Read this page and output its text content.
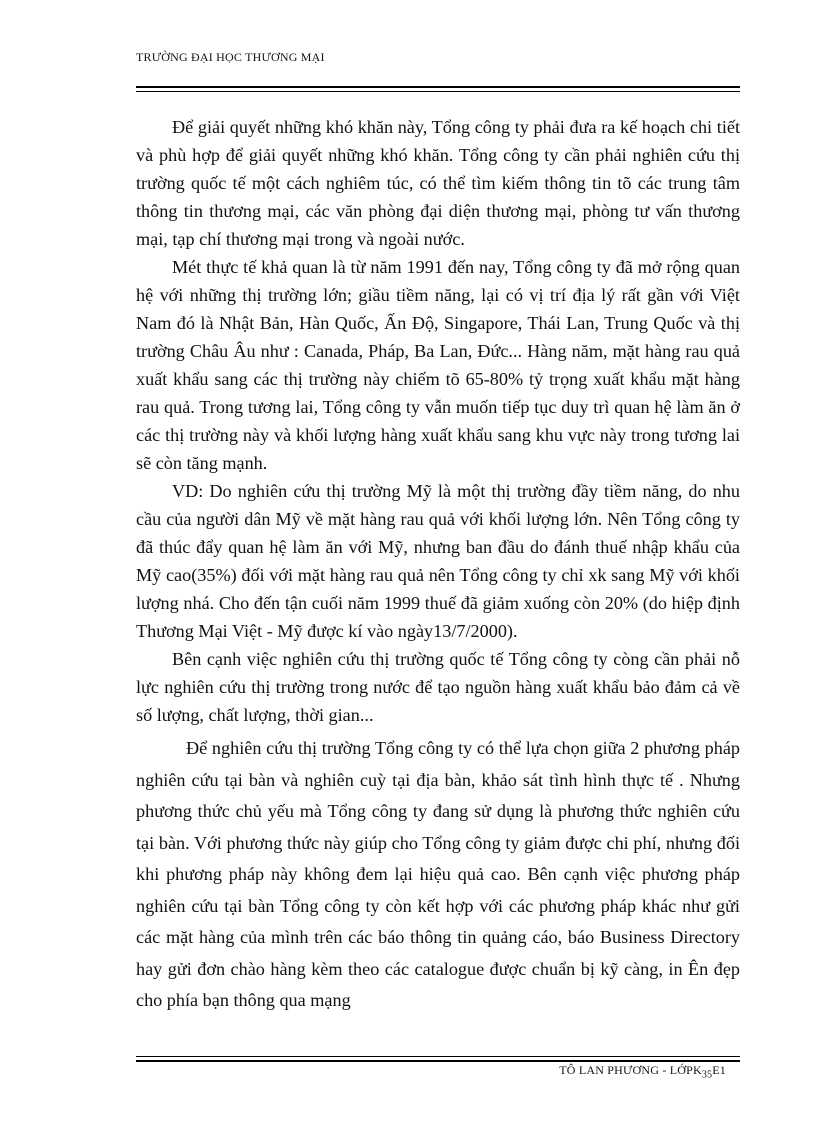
TRƯỜNG ĐẠI HỌC THƯƠNG MẠI

Để giải quyết những khó khăn này, Tổng công ty phải đưa ra kế hoạch chi tiết và phù hợp để giải quyết những khó khăn. Tổng công ty cần phải nghiên cứu thị trường quốc tế một cách nghiêm túc, có thể tìm kiếm thông tin tõ các trung tâm thông tin thương mại, các văn phòng đại diện thương mại, phòng tư vấn thương mại, tạp chí thương mại trong và ngoài nước.

Mét thực tế khả quan là từ năm 1991 đến nay, Tổng công ty đã mở rộng quan hệ với những thị trường lớn; giầu tiềm năng, lại có vị trí địa lý rất gần với Việt Nam đó là Nhật Bản, Hàn Quốc, Ấn Độ, Singapore, Thái Lan, Trung Quốc và thị trường Châu Âu như : Canada, Pháp, Ba Lan, Đức... Hàng năm, mặt hàng rau quả xuất khẩu sang các thị trường này chiếm tõ 65-80% tỷ trọng xuất khẩu mặt hàng rau quả. Trong tương lai, Tổng công ty vẫn muốn tiếp tục duy trì quan hệ làm ăn ở các thị trường này và khối lượng hàng xuất khẩu sang khu vực này trong tương lai sẽ còn tăng mạnh.

VD: Do nghiên cứu thị trường Mỹ là một thị trường đầy tiềm năng, do nhu cầu của người dân Mỹ về mặt hàng rau quả với khối lượng lớn. Nên Tổng công ty đã thúc đẩy quan hệ làm ăn với Mỹ, nhưng ban đầu do đánh thuế nhập khẩu của Mỹ cao(35%) đối với mặt hàng rau quả nên Tổng công ty chỉ xk sang Mỹ với khối lượng nhá. Cho đến tận cuối năm 1999 thuế đã giảm xuống còn 20% (do hiệp định Thương Mại Việt - Mỹ được kí vào ngày13/7/2000).

Bên cạnh việc nghiên cứu thị trường quốc tế Tổng công ty còng cần phải nỗ lực nghiên cứu thị trường trong nước để tạo nguồn hàng xuất khẩu bảo đảm cả về số lượng, chất lượng, thời gian...

Để nghiên cứu thị trường Tổng công ty có thể lựa chọn giữa 2 phương pháp nghiên cứu tại bàn và nghiên cuỳ tại địa bàn, khảo sát tình hình thực tế . Nhưng phương thức chủ yếu mà Tổng công ty đang sử dụng là phương thức nghiên cứu tại bàn. Với phương thức này giúp cho Tổng công ty giảm được chi phí, nhưng đối khi phương pháp này không đem lại hiệu quả cao. Bên cạnh việc phương pháp nghiên cứu tại bàn Tổng công ty còn kết hợp với các phương pháp khác như gửi các mặt hàng của mình trên các báo thông tin quảng cáo, báo Business Directory hay gửi đơn chào hàng kèm theo các catalogue được chuẩn bị kỹ càng, in Ên đẹp cho phía bạn thông qua mạng

TÔ LAN PHƯƠNG - LỚPK$_{35}$E1
